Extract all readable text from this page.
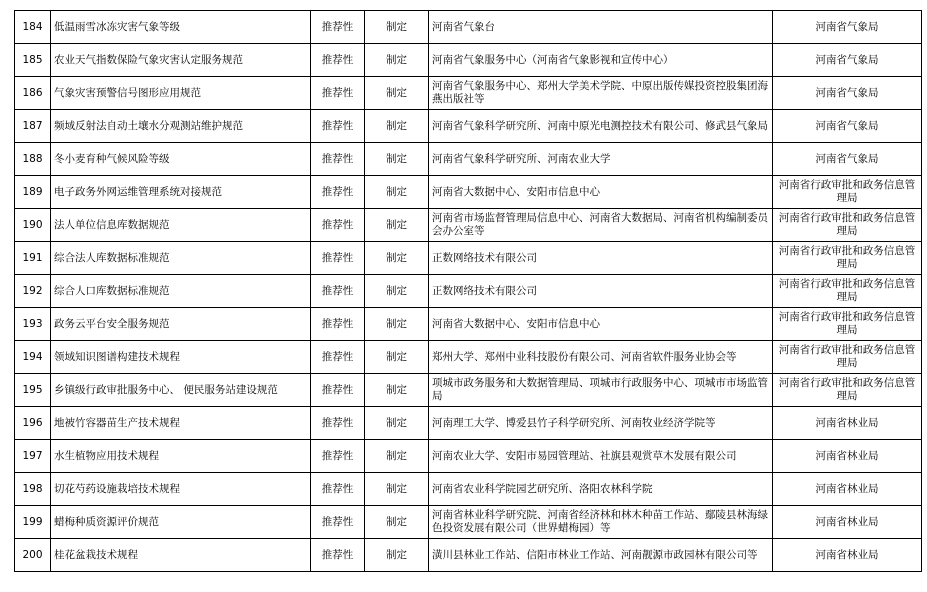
184	低温雨雪冰冻灾害气象等级	推荐性	制定	河南省气象台	河南省气象局
185	农业天气指数保险气象灾害认定服务规范	推荐性	制定	河南省气象服务中心（河南省气象影视和宣传中心）	河南省气象局
186	气象灾害预警信号图形应用规范	推荐性	制定	河南省气象服务中心、郑州大学美术学院、中原出版传媒投资控股集团海燕出版社等	河南省气象局
187	频域反射法自动土壤水分观测站维护规范	推荐性	制定	河南省气象科学研究所、河南中原光电测控技术有限公司、修武县气象局	河南省气象局
188	冬小麦育种气候风险等级	推荐性	制定	河南省气象科学研究所、河南农业大学	河南省气象局
189	电子政务外网运维管理系统对接规范	推荐性	制定	河南省大数据中心、安阳市信息中心	河南省行政审批和政务信息管理局
190	法人单位信息库数据规范	推荐性	制定	河南省市场监督管理局信息中心、河南省大数据局、河南省机构编制委员会办公室等	河南省行政审批和政务信息管理局
191	综合法人库数据标准规范	推荐性	制定	正数网络技术有限公司	河南省行政审批和政务信息管理局
192	综合人口库数据标准规范	推荐性	制定	正数网络技术有限公司	河南省行政审批和政务信息管理局
193	政务云平台安全服务规范	推荐性	制定	河南省大数据中心、安阳市信息中心	河南省行政审批和政务信息管理局
194	领域知识图谱构建技术规程	推荐性	制定	郑州大学、郑州中业科技股份有限公司、河南省软件服务业协会等	河南省行政审批和政务信息管理局
195	乡镇级行政审批服务中心、 便民服务站建设规范	推荐性	制定	项城市政务服务和大数据管理局、项城市行政服务中心、项城市市场监管局	河南省行政审批和政务信息管理局
196	地被竹容器苗生产技术规程	推荐性	制定	河南理工大学、博爱县竹子科学研究所、河南牧业经济学院等	河南省林业局
197	水生植物应用技术规程	推荐性	制定	河南农业大学、安阳市易园管理站、社旗县观赏草木发展有限公司	河南省林业局
198	切花芍药设施栽培技术规程	推荐性	制定	河南省农业科学院园艺研究所、洛阳农林科学院	河南省林业局
199	蜡梅种质资源评价规范	推荐性	制定	河南省林业科学研究院、河南省经济林和林木种苗工作站、鄢陵县林海绿色投资发展有限公司（世界蜡梅园）等	河南省林业局
200	桂花盆栽技术规程	推荐性	制定	潢川县林业工作站、信阳市林业工作站、河南靓源市政园林有限公司等	河南省林业局
